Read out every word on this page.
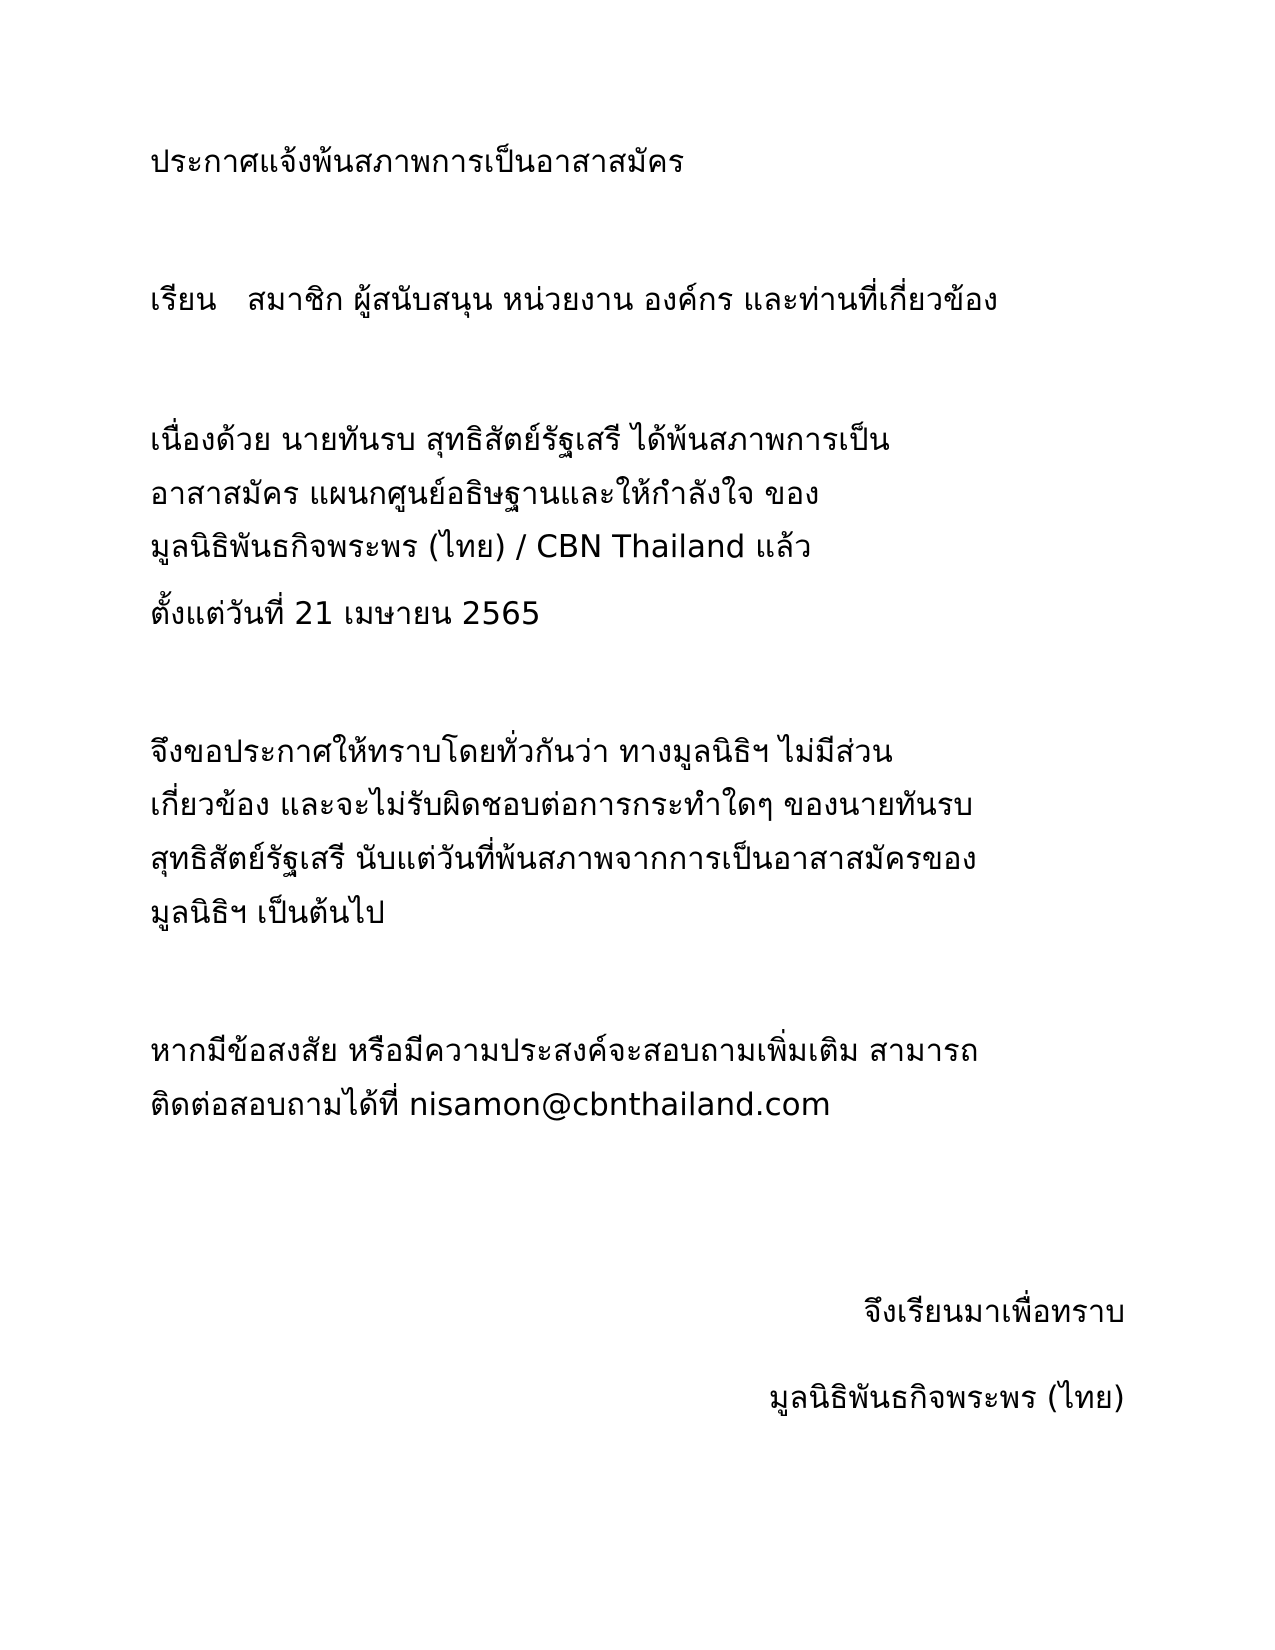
ประกาศแจ้งพ้นสภาพการเป็นอาสาสมัคร
เรียน สมาชิก ผู้สนับสนุน หน่วยงาน องค์กร และท่านที่เกี่ยวข้อง
เนื่องด้วย นายทันรบ สุทธิสัตย์รัฐเสรี ได้พ้นสภาพการเป็น
อาสาสมัคร แผนกศูนย์อธิษฐานและให้กำลังใจ ของ
มูลนิธิพันธกิจพระพร (ไทย) / CBN Thailand แล้ว
ตั้งแต่วันที่ 21 เมษายน 2565
จึงขอประกาศให้ทราบโดยทั่วกันว่า ทางมูลนิธิฯ ไม่มีส่วน
เกี่ยวข้อง และจะไม่รับผิดชอบต่อการกระทำใดๆ ของนายทันรบ
สุทธิสัตย์รัฐเสรี นับแต่วันที่พ้นสภาพจากการเป็นอาสาสมัครของ
มูลนิธิฯ เป็นต้นไป
หากมีข้อสงสัย หรือมีความประสงค์จะสอบถามเพิ่มเติม สามารถ
ติดต่อสอบถามได้ที่ nisamon@cbnthailand.com
จึงเรียนมาเพื่อทราบ
มูลนิธิพันธกิจพระพร (ไทย)
